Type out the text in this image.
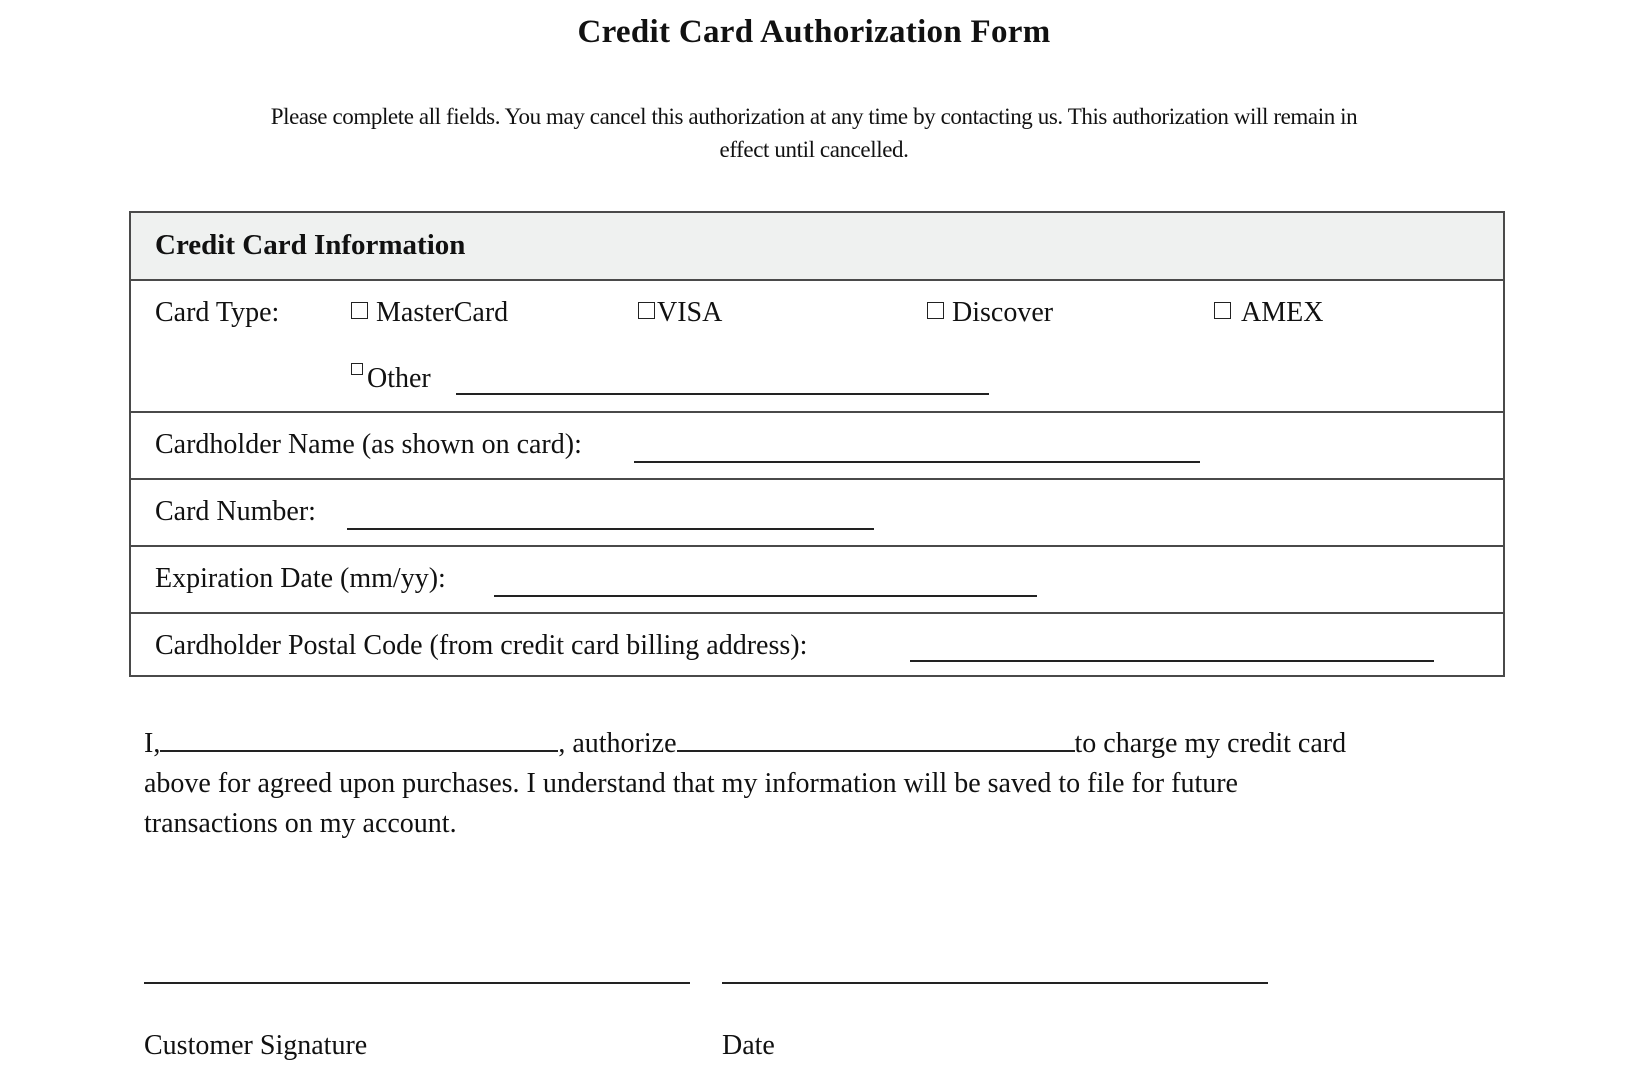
Credit Card Authorization Form
Please complete all fields. You may cancel this authorization at any time by contacting us. This authorization will remain in
effect until cancelled.
Credit Card Information
Card Type:	MasterCard	VISA	Discover	AMEX
Other
Cardholder Name (as shown on card):
Card Number:
Expiration Date (mm/yy):
Cardholder Postal Code (from credit card billing address):
I,	, authorize	to charge my credit card
above for agreed upon purchases. I understand that my information will be saved to file for future
transactions on my account.
Customer Signature	Date
